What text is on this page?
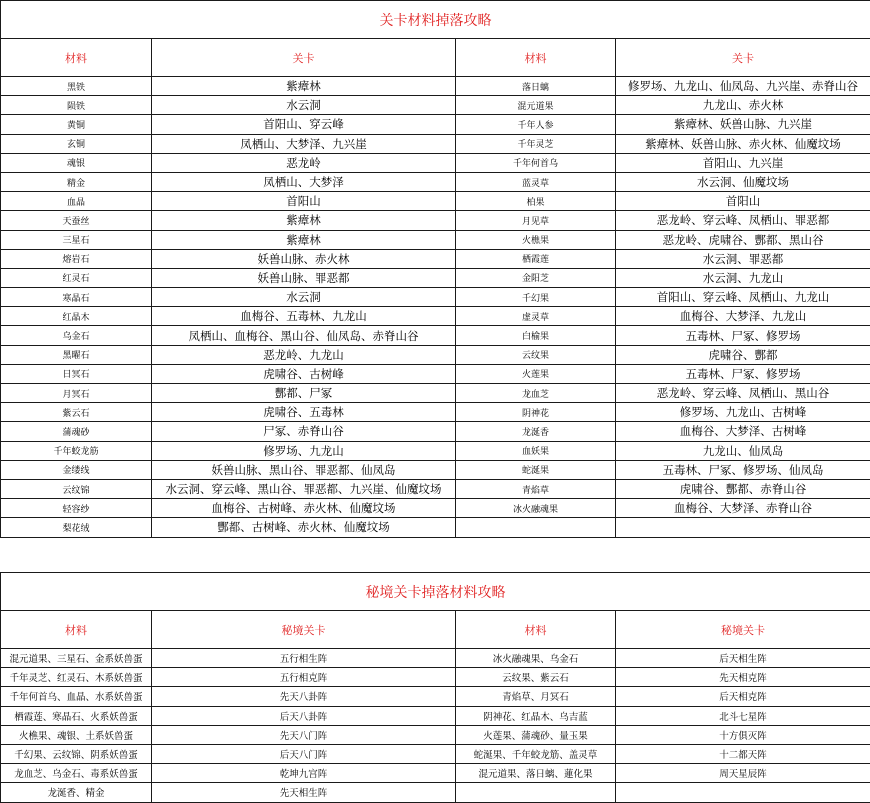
关卡材料掉落攻略			
材料	关卡	材料	关卡
黑铁	紫瘴林	落日螭	修罗场、九龙山、仙凤岛、九兴崖、赤脊山谷
陨铁	水云洞	混元道果	九龙山、赤火林
黄铜	首阳山、穿云峰	千年人参	紫瘴林、妖兽山脉、九兴崖
玄铜	凤栖山、大梦泽、九兴崖	千年灵芝	紫瘴林、妖兽山脉、赤火林、仙魔坟场
魂银	恶龙岭	千年何首乌	首阳山、九兴崖
精金	凤栖山、大梦泽	蓝灵草	水云洞、仙魔坟场
血晶	首阳山	柏果	首阳山
天蚕丝	紫瘴林	月见草	恶龙岭、穿云峰、凤栖山、罪恶都
三星石	紫瘴林	火樵果	恶龙岭、虎啸谷、酆都、黑山谷
熔岩石	妖兽山脉、赤火林	栖霞莲	水云洞、罪恶都
红灵石	妖兽山脉、罪恶都	金阳芝	水云洞、九龙山
寒晶石	水云洞	千幻果	首阳山、穿云峰、凤栖山、九龙山
红晶木	血梅谷、五毒林、九龙山	虚灵草	血梅谷、大梦泽、九龙山
乌金石	凤栖山、血梅谷、黑山谷、仙凤岛、赤脊山谷	白榆果	五毒林、尸冢、修罗场
黑曜石	恶龙岭、九龙山	云纹果	虎啸谷、酆都
日冥石	虎啸谷、古树峰	火莲果	五毒林、尸冢、修罗场
月冥石	酆都、尸冢	龙血芝	恶龙岭、穿云峰、凤栖山、黑山谷
紫云石	虎啸谷、五毒林	阴神花	修罗场、九龙山、古树峰
蒲魂砂	尸冢、赤脊山谷	龙涎香	血梅谷、大梦泽、古树峰
千年蛟龙筋	修罗场、九龙山	血妖果	九龙山、仙凤岛
金缕线	妖兽山脉、黑山谷、罪恶都、仙凤岛	蛇涎果	五毒林、尸冢、修罗场、仙凤岛
云纹锦	水云洞、穿云峰、黑山谷、罪恶都、九兴崖、仙魔坟场	青焰草	虎啸谷、酆都、赤脊山谷
轻容纱	血梅谷、古树峰、赤火林、仙魔坟场	冰火融魂果	血梅谷、大梦泽、赤脊山谷
梨花绒	酆都、古树峰、赤火林、仙魔坟场		
秘境关卡掉落材料攻略			
材料	秘境关卡	材料	秘境关卡
混元道果、三星石、金系妖兽蛋	五行相生阵	冰火融魂果、乌金石	后天相生阵
千年灵芝、红灵石、木系妖兽蛋	五行相克阵	云纹果、紫云石	先天相克阵
千年何首乌、血晶、水系妖兽蛋	先天八卦阵	青焰草、月冥石	后天相克阵
栖霞莲、寒晶石、火系妖兽蛋	后天八卦阵	阴神花、红晶木、乌吉蓝	北斗七星阵
火樵果、魂银、土系妖兽蛋	先天八门阵	火莲果、蒲魂砂、量玉果	十方俱灭阵
千幻果、云纹锦、阴系妖兽蛋	后天八门阵	蛇涎果、千年蛟龙筋、盖灵草	十二都天阵
龙血芝、乌金石、毒系妖兽蛋	乾坤九宫阵	混元道果、落日螭、蓮化果	周天星辰阵
龙涎香、精金	先天相生阵		
